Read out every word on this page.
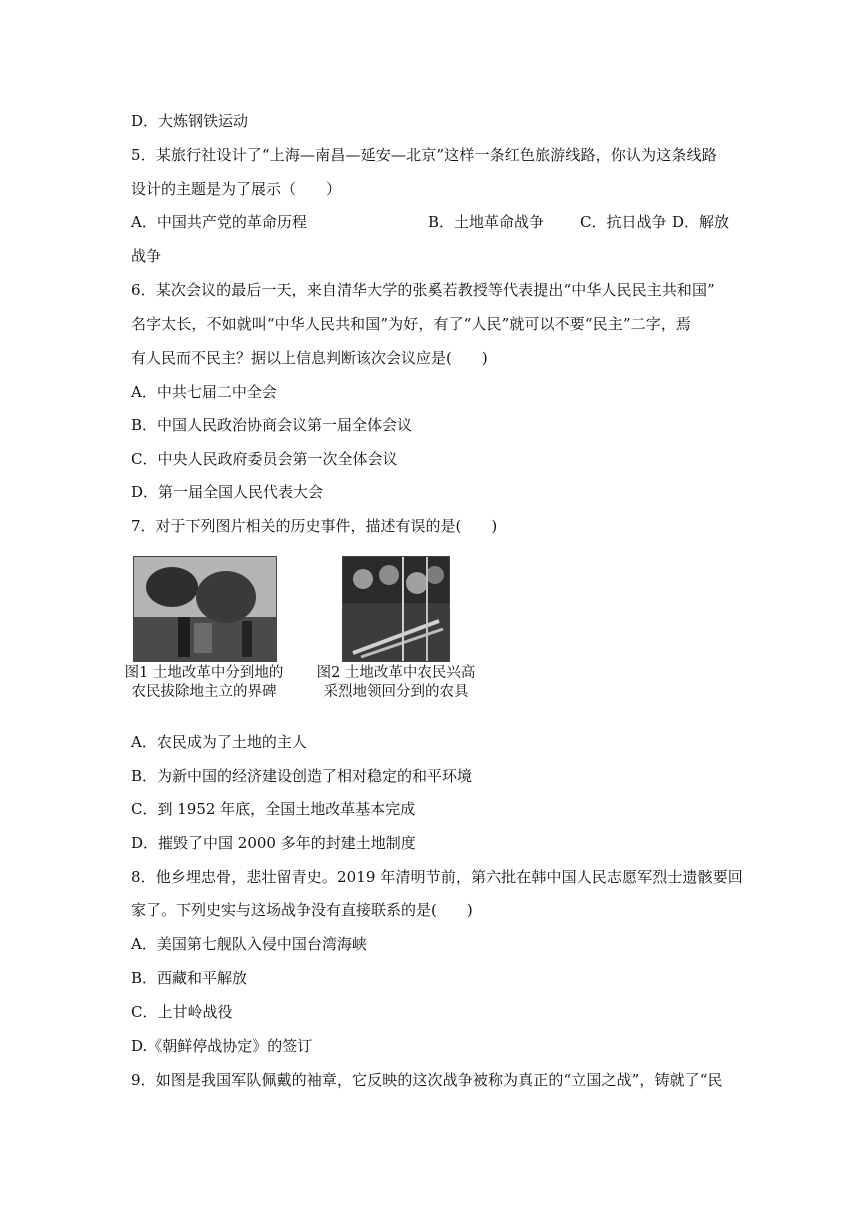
D．大炼钢铁运动
5．某旅行社设计了“上海—南昌—延安—北京”这样一条红色旅游线路，你认为这条线路
设计的主题是为了展示（　　）
A．中国共产党的革命历程	B．土地革命战争 C．抗日战争 D．解放
战争
6．某次会议的最后一天，来自清华大学的张奚若教授等代表提出“中华人民民主共和国”
名字太长，不如就叫“中华人民共和国”为好，有了“人民”就可以不要“民主”二字，焉
有人民而不民主？据以上信息判断该次会议应是(　　)
A．中共七届二中全会
B．中国人民政治协商会议第一届全体会议
C．中央人民政府委员会第一次全体会议
D．第一届全国人民代表大会
7．对于下列图片相关的历史事件，描述有误的是(　　)
图1 土地改革中分到地的农民拔除地主立的界碑
图2 土地改革中农民兴高采烈地领回分到的农具
A．农民成为了土地的主人
B．为新中国的经济建设创造了相对稳定的和平环境
C．到 1952 年底，全国土地改革基本完成
D．摧毁了中国 2000 多年的封建土地制度
8．他乡埋忠骨，悲壮留青史。2019 年清明节前，第六批在韩中国人民志愿军烈士遗骸要回
家了。下列史实与这场战争没有直接联系的是(　　)
A．美国第七舰队入侵中国台湾海峡
B．西藏和平解放
C．上甘岭战役
D.《朝鲜停战协定》的签订
9．如图是我国军队佩戴的袖章，它反映的这次战争被称为真正的“立国之战”，铸就了“民
